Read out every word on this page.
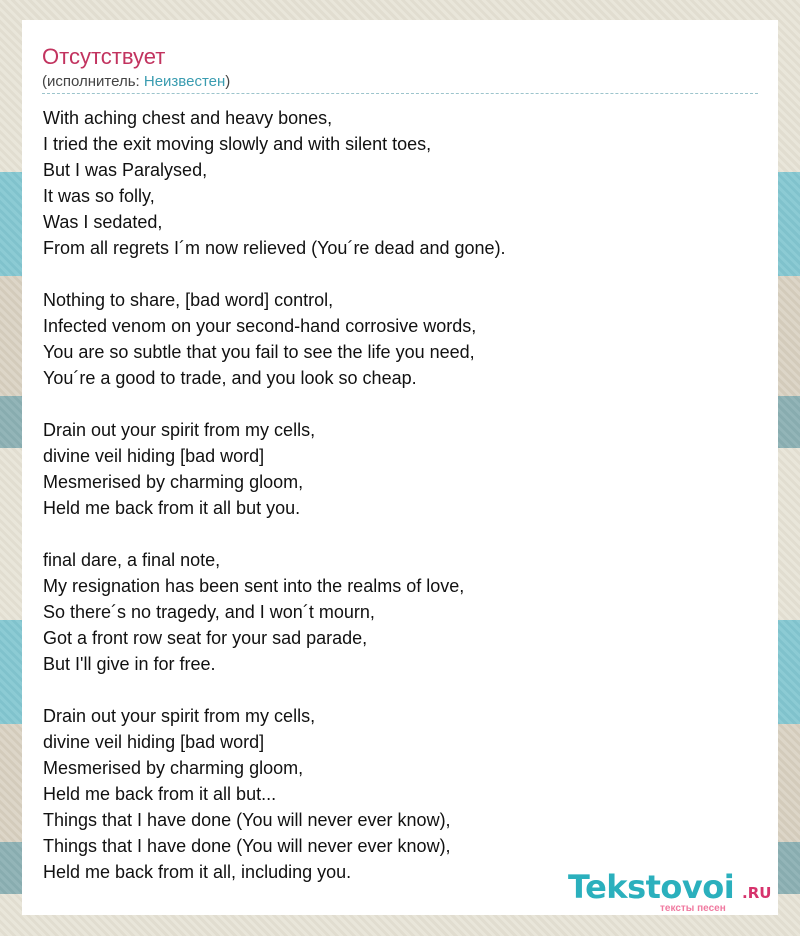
Отсутствует
(исполнитель: Неизвестен)
With aching chest and heavy bones,
I tried the exit moving slowly and with silent toes,
But I was Paralysed,
It was so folly,
Was I sedated,
From all regrets I´m now relieved (You´re dead and gone).
Nothing to share, [bad word] control,
Infected venom on your second-hand corrosive words,
You are so subtle that you fail to see the life you need,
You´re a good to trade, and you look so cheap.
Drain out your spirit from my cells,
divine veil hiding [bad word]
Mesmerised by charming gloom,
Held me back from it all but you.
final dare, a final note,
My resignation has been sent into the realms of love,
So there´s no tragedy, and I won´t mourn,
Got a front row seat for your sad parade,
But I'll give in for free.
Drain out your spirit from my cells,
divine veil hiding [bad word]
Mesmerised by charming gloom,
Held me back from it all but...
Things that I have done (You will never ever know),
Things that I have done (You will never ever know),
Held me back from it all, including you.	Tekstovoi .RU
тексты песен
